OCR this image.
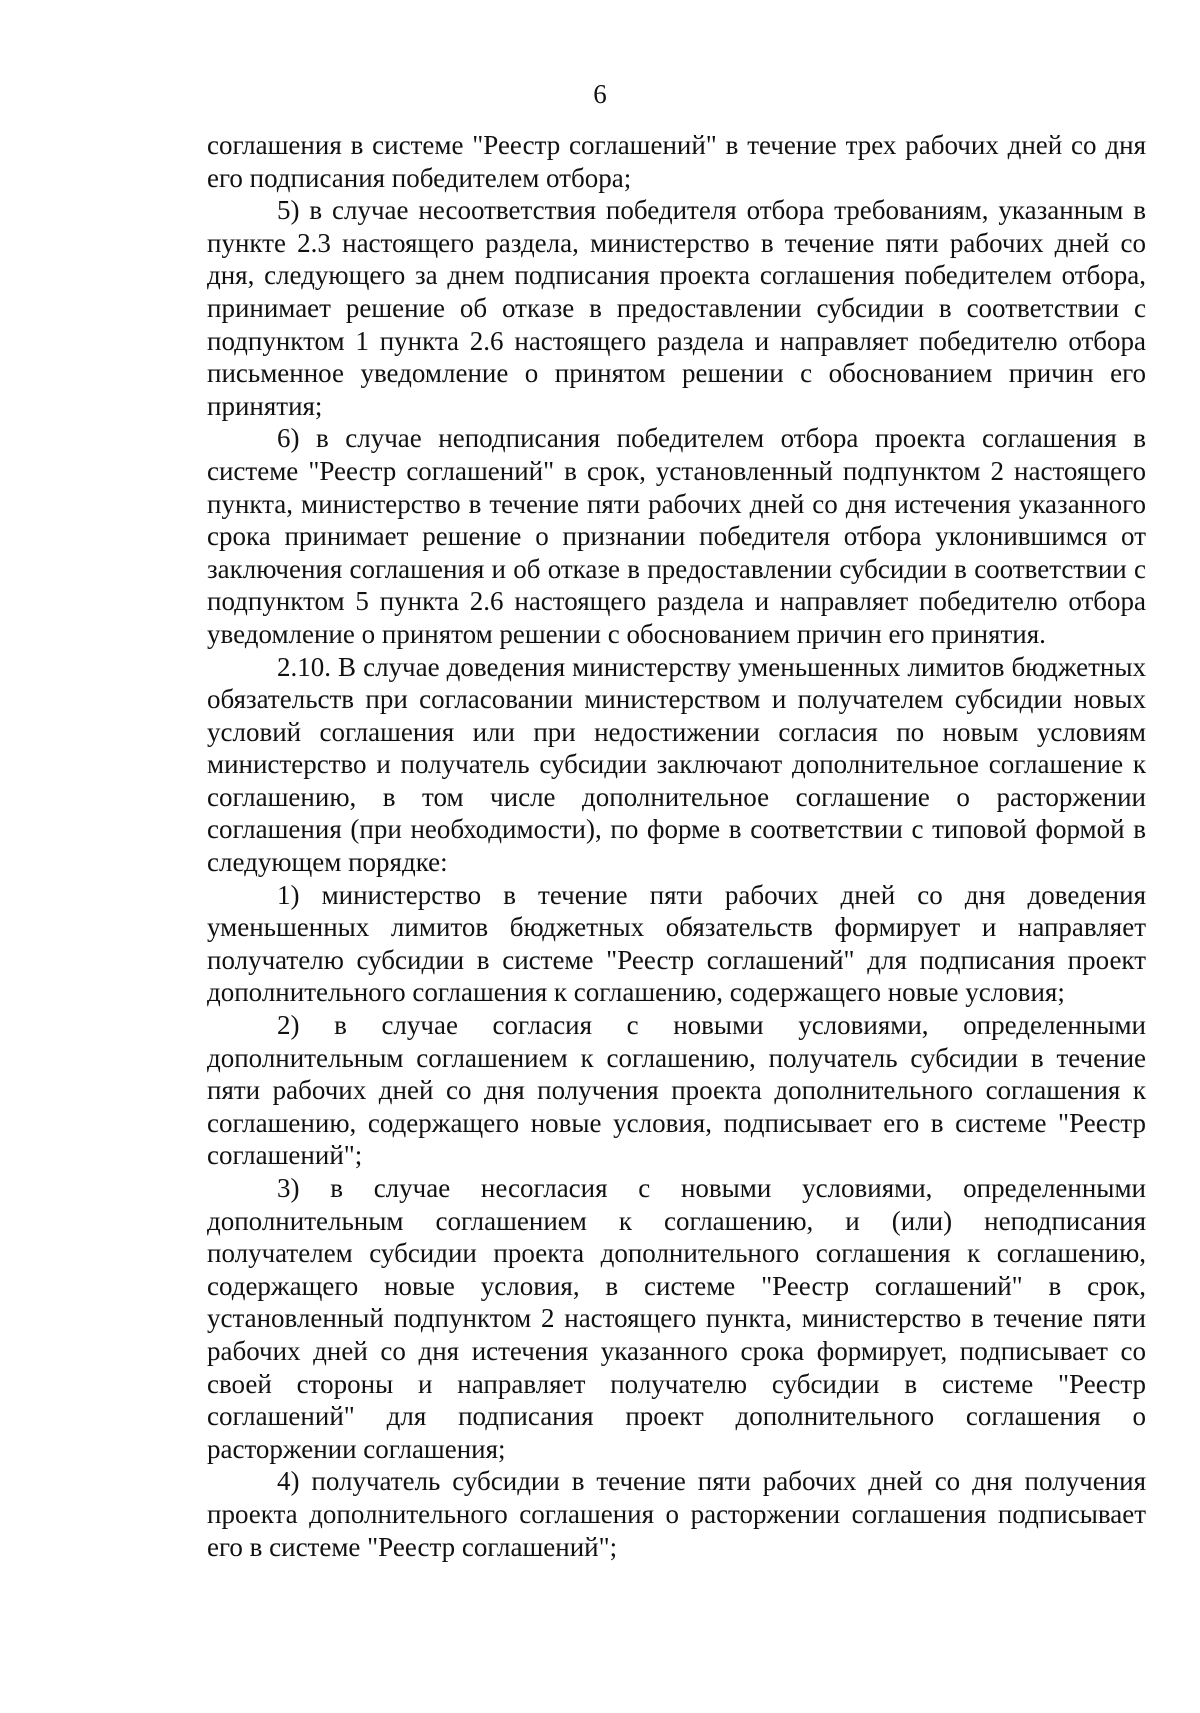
6

соглашения в системе "Реестр соглашений" в течение трех рабочих дней со дня его подписания победителем отбора;

5) в случае несоответствия победителя отбора требованиям, указанным в пункте 2.3 настоящего раздела, министерство в течение пяти рабочих дней со дня, следующего за днем подписания проекта соглашения победителем отбора, принимает решение об отказе в предоставлении субсидии в соответствии с подпунктом 1 пункта 2.6 настоящего раздела и направляет победителю отбора письменное уведомление о принятом решении с обоснованием причин его принятия;

6) в случае неподписания победителем отбора проекта соглашения в системе "Реестр соглашений" в срок, установленный подпунктом 2 настоящего пункта, министерство в течение пяти рабочих дней со дня истечения указанного срока принимает решение о признании победителя отбора уклонившимся от заключения соглашения и об отказе в предоставлении субсидии в соответствии с подпунктом 5 пункта 2.6 настоящего раздела и направляет победителю отбора уведомление о принятом решении с обоснованием причин его принятия.

2.10. В случае доведения министерству уменьшенных лимитов бюджетных обязательств при согласовании министерством и получателем субсидии новых условий соглашения или при недостижении согласия по новым условиям министерство и получатель субсидии заключают дополнительное соглашение к соглашению, в том числе дополнительное соглашение о расторжении соглашения (при необходимости), по форме в соответствии с типовой формой в следующем порядке:

1) министерство в течение пяти рабочих дней со дня доведения уменьшенных лимитов бюджетных обязательств формирует и направляет получателю субсидии в системе "Реестр соглашений" для подписания проект дополнительного соглашения к соглашению, содержащего новые условия;

2) в случае согласия с новыми условиями, определенными дополнительным соглашением к соглашению, получатель субсидии в течение пяти рабочих дней со дня получения проекта дополнительного соглашения к соглашению, содержащего новые условия, подписывает его в системе "Реестр соглашений";

3) в случае несогласия с новыми условиями, определенными дополнительным соглашением к соглашению, и (или) неподписания получателем субсидии проекта дополнительного соглашения к соглашению, содержащего новые условия, в системе "Реестр соглашений" в срок, установленный подпунктом 2 настоящего пункта, министерство в течение пяти рабочих дней со дня истечения указанного срока формирует, подписывает со своей стороны и направляет получателю субсидии в системе "Реестр соглашений" для подписания проект дополнительного соглашения о расторжении соглашения;

4) получатель субсидии в течение пяти рабочих дней со дня получения проекта дополнительного соглашения о расторжении соглашения подписывает его в системе "Реестр соглашений";
